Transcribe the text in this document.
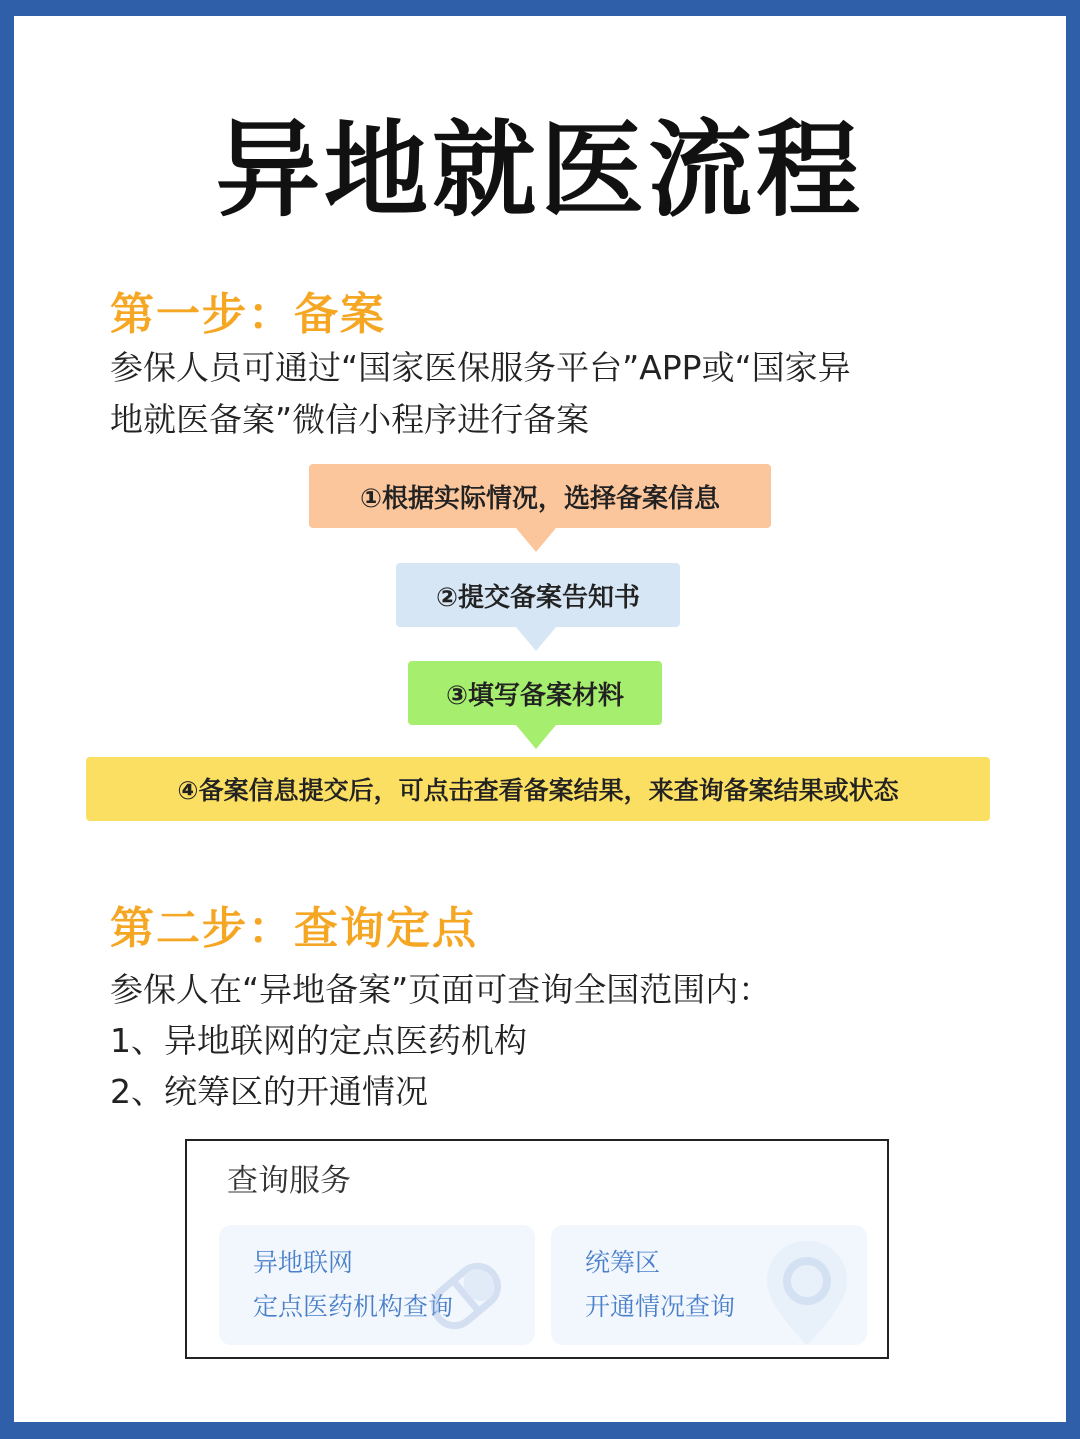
异地就医流程
第一步：备案
参保人员可通过“国家医保服务平台”APP或“国家异
地就医备案”微信小程序进行备案
①根据实际情况，选择备案信息
②提交备案告知书
③填写备案材料
④备案信息提交后，可点击查看备案结果，来查询备案结果或状态
第二步：查询定点
参保人在“异地备案”页面可查询全国范围内：
1、异地联网的定点医药机构
2、统筹区的开通情况
查询服务
异地联网
定点医药机构查询
统筹区
开通情况查询
